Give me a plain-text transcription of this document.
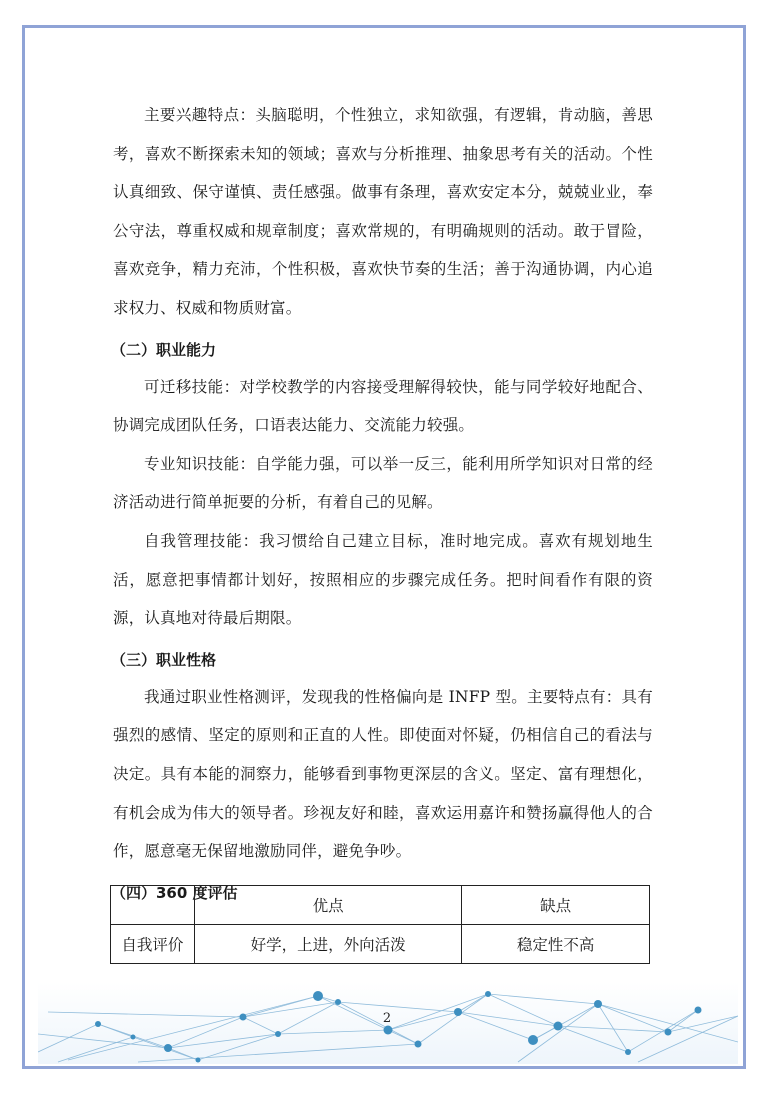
主要兴趣特点：头脑聪明，个性独立，求知欲强，有逻辑，肯动脑，善思考，喜欢不断探索未知的领域；喜欢与分析推理、抽象思考有关的活动。个性认真细致、保守谨慎、责任感强。做事有条理，喜欢安定本分，兢兢业业，奉公守法，尊重权威和规章制度；喜欢常规的，有明确规则的活动。敢于冒险，喜欢竞争，精力充沛，个性积极，喜欢快节奏的生活；善于沟通协调，内心追求权力、权威和物质财富。

（二）职业能力

可迁移技能：对学校教学的内容接受理解得较快，能与同学较好地配合、协调完成团队任务，口语表达能力、交流能力较强。

专业知识技能：自学能力强，可以举一反三，能利用所学知识对日常的经济活动进行简单扼要的分析，有着自己的见解。

自我管理技能：我习惯给自己建立目标，准时地完成。喜欢有规划地生活，愿意把事情都计划好，按照相应的步骤完成任务。把时间看作有限的资源，认真地对待最后期限。

（三）职业性格

我通过职业性格测评，发现我的性格偏向是 INFP 型。主要特点有：具有强烈的感情、坚定的原则和正直的人性。即使面对怀疑，仍相信自己的看法与决定。具有本能的洞察力，能够看到事物更深层的含义。坚定、富有理想化，有机会成为伟大的领导者。珍视友好和睦，喜欢运用嘉许和赞扬赢得他人的合作，愿意毫无保留地激励同伴，避免争吵。

（四）360 度评估

	优点	缺点
自我评价	好学，上进，外向活泼	稳定性不高
2
